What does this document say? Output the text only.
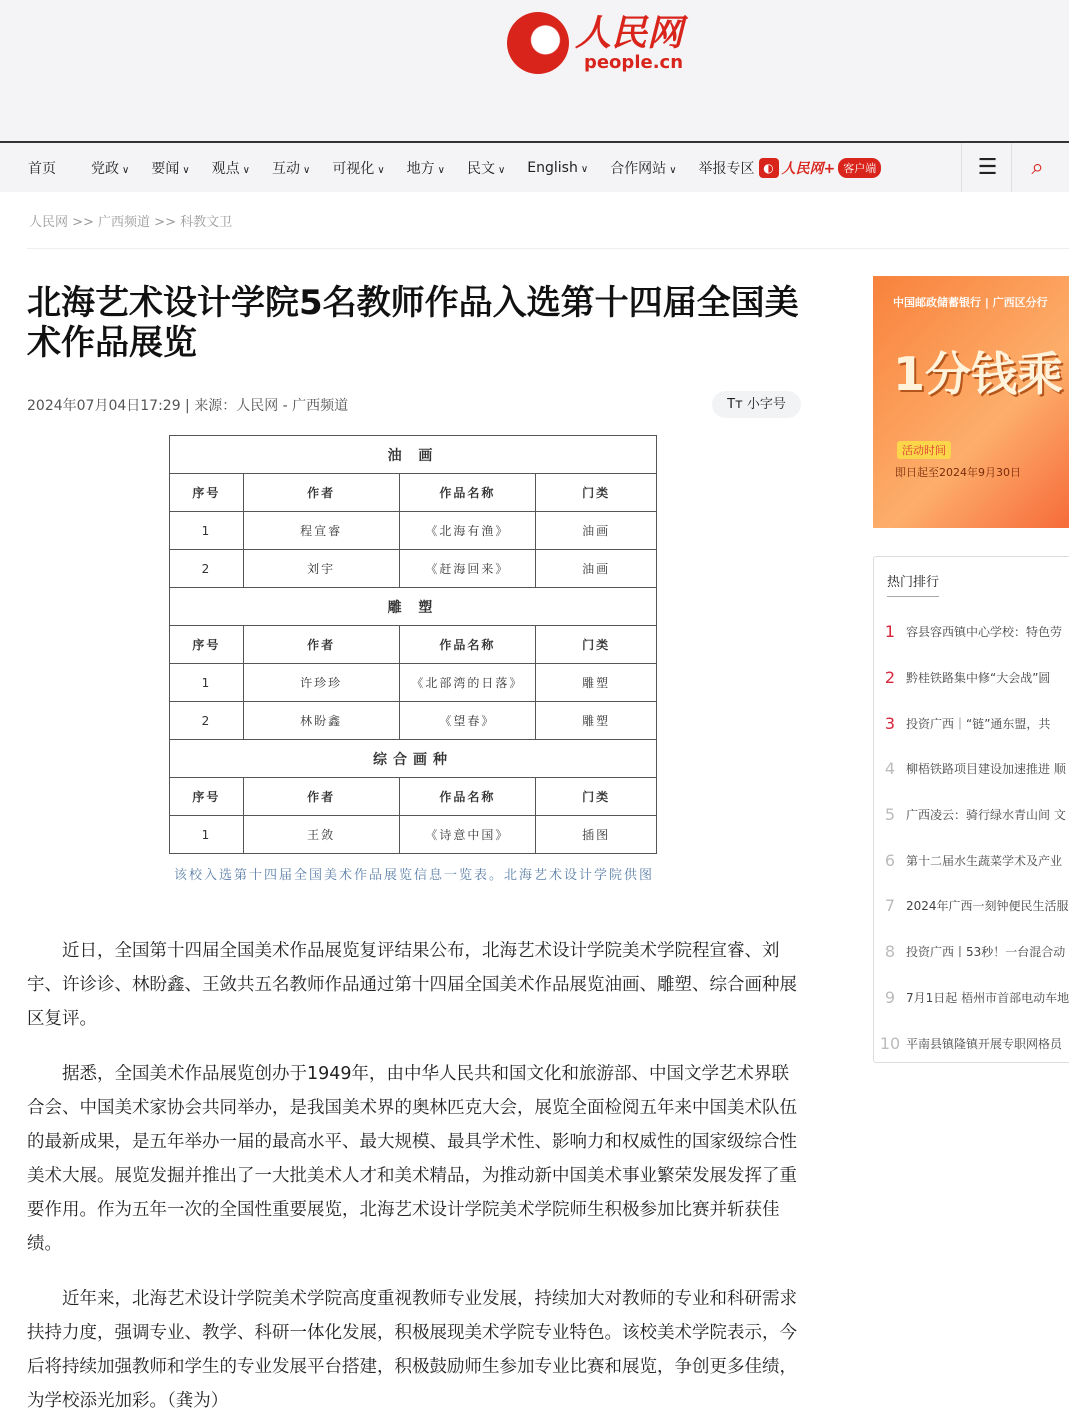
人民网
people.cn
首页	党政 ∨	要闻 ∨	观点 ∨	互动 ∨	可视化 ∨	地方 ∨	民文 ∨	English ∨	合作网站 ∨	举报专区 ◐ 人民网+ 客户端	☰	⌕
人民网 >> 广西频道 >> 科教文卫
北海艺术设计学院5名教师作品入选第十四届全国美术作品展览
2024年07月04日17:29 | 来源：人民网 - 广西频道	Tт 小字号
油 画			
序号	作者	作品名称	门类
1	程宣睿	《北海有渔》	油画
2	刘宇	《赶海回来》	油画
雕 塑			
序号	作者	作品名称	门类
1	许珍珍	《北部湾的日落》	雕塑
2	林盼鑫	《望春》	雕塑
综合画种			
序号	作者	作品名称	门类
1	王敛	《诗意中国》	插图
该校入选第十四届全国美术作品展览信息一览表。北海艺术设计学院供图

近日，全国第十四届全国美术作品展览复评结果公布，北海艺术设计学院美术学院程宣睿、刘宇、许诊诊、林盼鑫、王敛共五名教师作品通过第十四届全国美术作品展览油画、雕塑、综合画种展区复评。

据悉，全国美术作品展览创办于1949年，由中华人民共和国文化和旅游部、中国文学艺术界联合会、中国美术家协会共同举办，是我国美术界的奥林匹克大会，展览全面检阅五年来中国美术队伍的最新成果，是五年举办一届的最高水平、最大规模、最具学术性、影响力和权威性的国家级综合性美术大展。展览发掘并推出了一大批美术人才和美术精品，为推动新中国美术事业繁荣发展发挥了重要作用。作为五年一次的全国性重要展览，北海艺术设计学院美术学院师生积极参加比赛并斩获佳绩。

近年来，北海艺术设计学院美术学院高度重视教师专业发展，持续加大对教师的专业和科研需求扶持力度，强调专业、教学、科研一体化发展，积极展现美术学院专业特色。该校美术学院表示，今后将持续加强教师和学生的专业发展平台搭建，积极鼓励师生参加专业比赛和展览，争创更多佳绩，为学校添光加彩。（龚为）

中国邮政储蓄银行 | 广西区分行
1分钱乘
活动时间
即日起至2024年9月30日
热门排行
1 容县容西镇中心学校：特色劳
2 黔桂铁路集中修“大会战”圆
3 投资广西｜“链”通东盟，共
4 柳梧铁路项目建设加速推进 顺
5 广西凌云：骑行绿水青山间 文
6 第十二届水生蔬菜学术及产业
7 2024年广西一刻钟便民生活服
8 投资广西丨53秒！一台混合动
9 7月1日起 梧州市首部电动车地
10 平南县镇隆镇开展专职网格员
